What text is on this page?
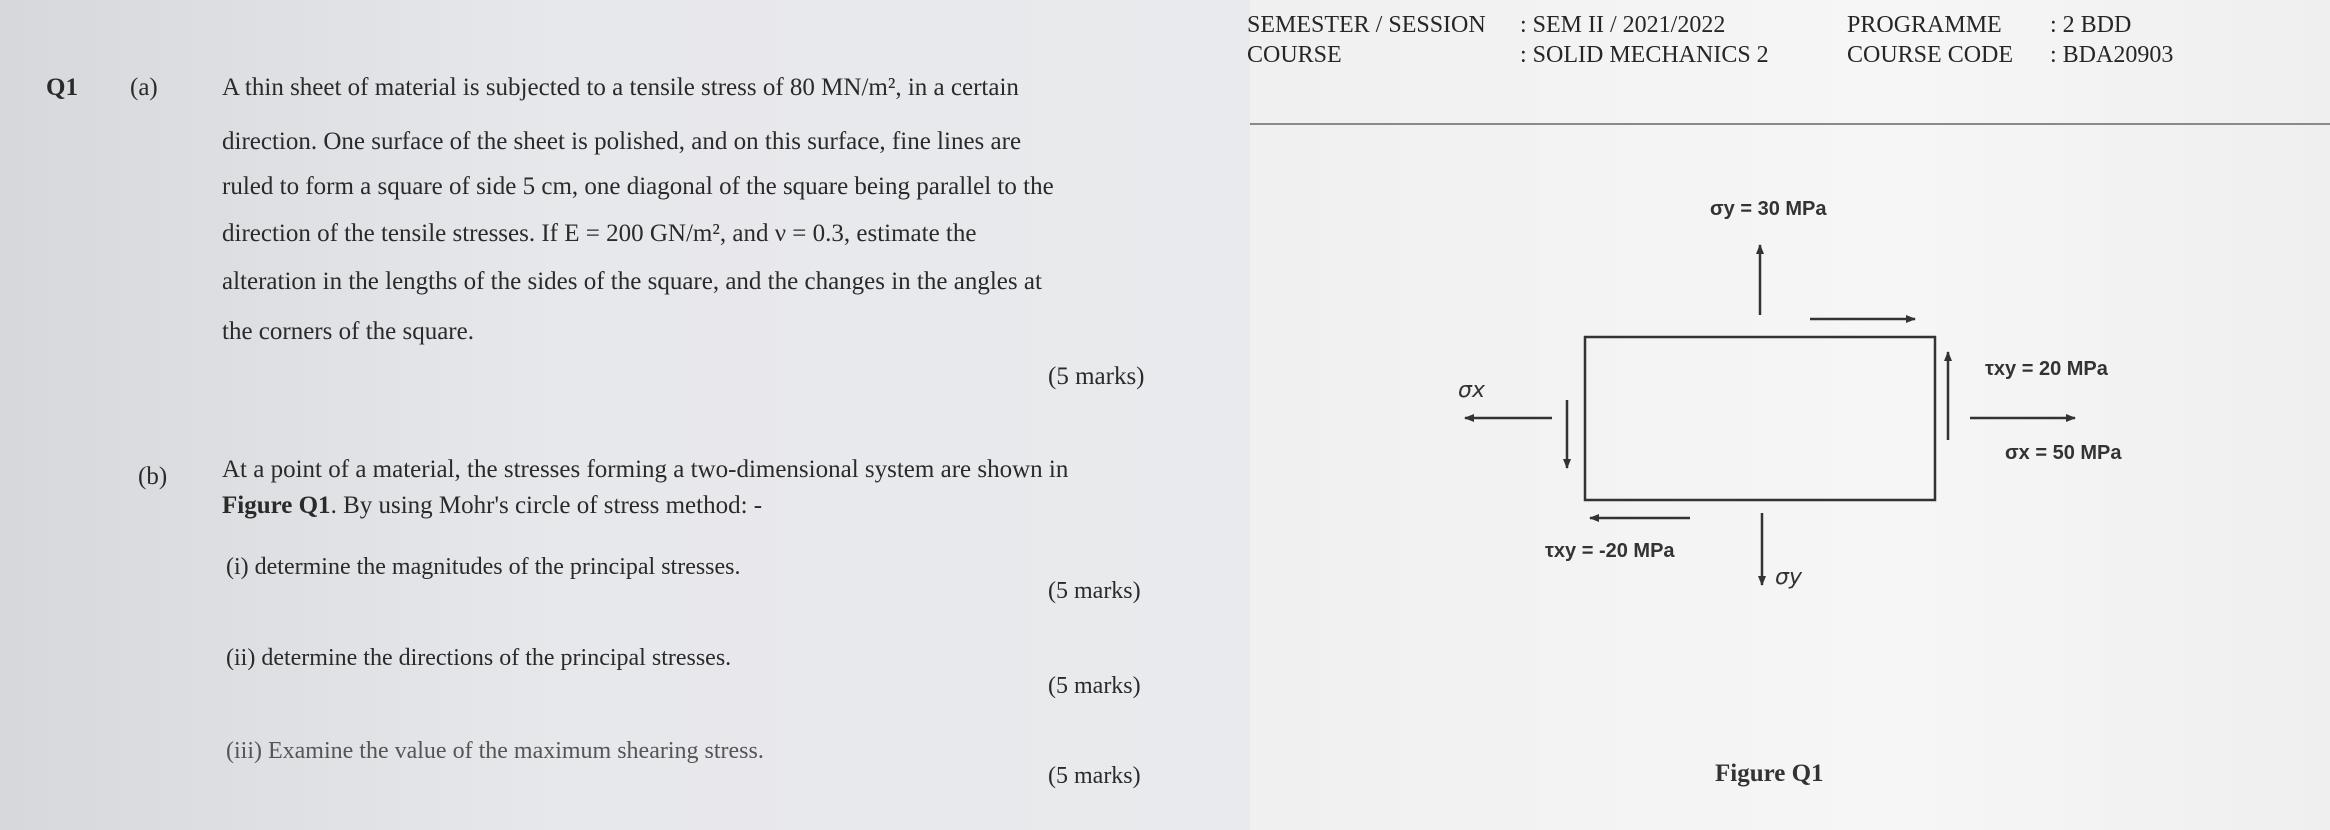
SEMESTER / SESSION : SEM II / 2021/2022
COURSE	: SOLID MECHANICS 2
PROGRAMME : 2 BDD
COURSE CODE : BDA20903
Q1 (a)	A thin sheet of material is subjected to a tensile stress of 80 MN/m², in a certain
direction. One surface of the sheet is polished, and on this surface, fine lines are
ruled to form a square of side 5 cm, one diagonal of the square being parallel to the
direction of the tensile stresses. If E = 200 GN/m², and ν = 0.3, estimate the
alteration in the lengths of the sides of the square, and the changes in the angles at
the corners of the square.
(5 marks)
(b) At a point of a material, the stresses forming a two-dimensional system are shown in
Figure Q1. By using Mohr's circle of stress method: -
(i) determine the magnitudes of the principal stresses.
(5 marks)
(ii) determine the directions of the principal stresses.
(5 marks)
(iii) Examine the value of the maximum shearing stress.
(5 marks)
σy = 30 MPa
τxy = 20 MPa
σx = 50 MPa
τxy = -20 MPa
σx
σy
Figure Q1
